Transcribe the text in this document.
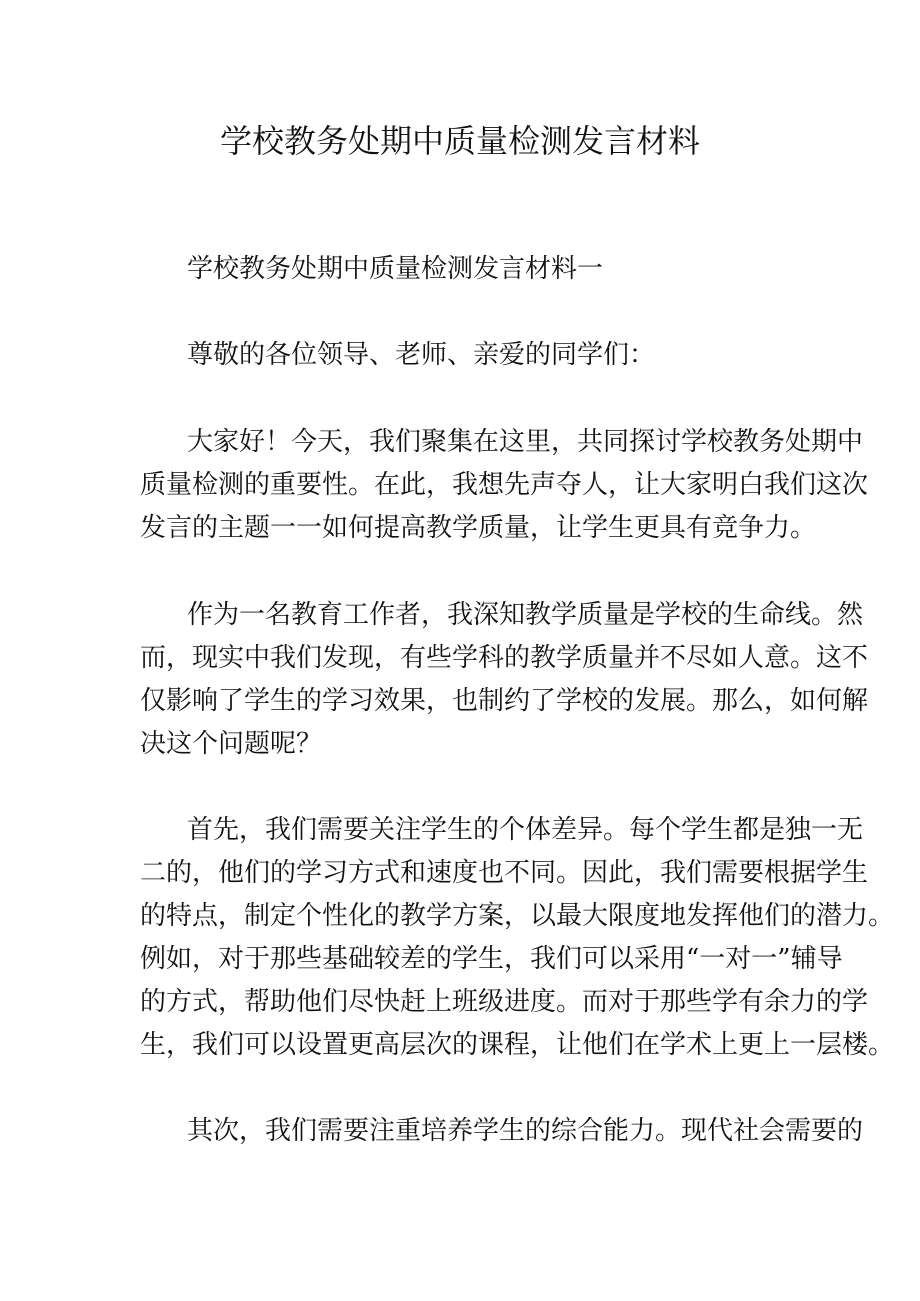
学校教务处期中质量检测发言材料
学校教务处期中质量检测发言材料一
尊敬的各位领导、老师、亲爱的同学们：
大家好！今天，我们聚集在这里，共同探讨学校教务处期中
质量检测的重要性。在此，我想先声夺人，让大家明白我们这次
发言的主题一一如何提高教学质量，让学生更具有竞争力。
作为一名教育工作者，我深知教学质量是学校的生命线。然
而，现实中我们发现，有些学科的教学质量并不尽如人意。这不
仅影响了学生的学习效果，也制约了学校的发展。那么，如何解
决这个问题呢？
首先，我们需要关注学生的个体差异。每个学生都是独一无
二的，他们的学习方式和速度也不同。因此，我们需要根据学生
的特点，制定个性化的教学方案，以最大限度地发挥他们的潜力。
例如，对于那些基础较差的学生，我们可以采用“一对一”辅导
的方式，帮助他们尽快赶上班级进度。而对于那些学有余力的学
生，我们可以设置更高层次的课程，让他们在学术上更上一层楼。
其次，我们需要注重培养学生的综合能力。现代社会需要的
